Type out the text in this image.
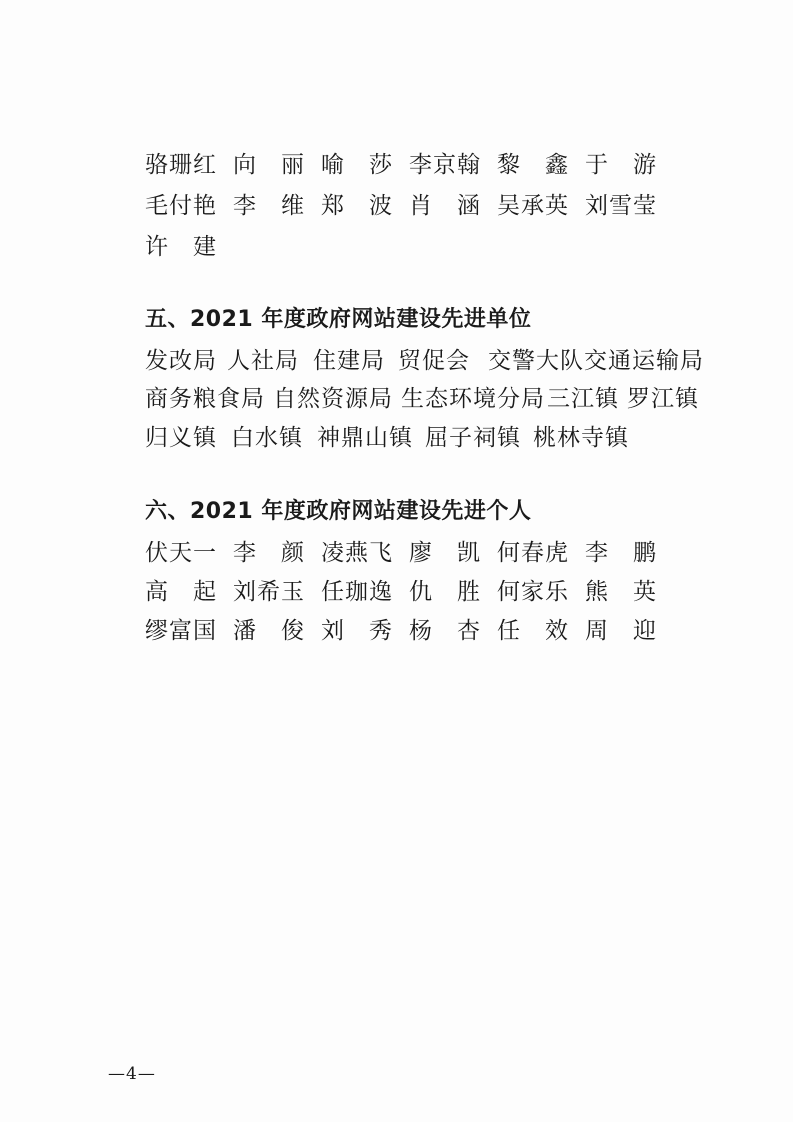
骆珊红 向　丽 喻　莎 李京翰 黎　鑫 于　游
毛付艳 李　维 郑　波 肖　涵 吴承英 刘雪莹
许　建
五、2021 年度政府网站建设先进单位
发改局 人社局 住建局 贸促会 交警大队 交通运输局
商务粮食局 自然资源局 生态环境分局 三江镇 罗江镇
归义镇 白水镇 神鼎山镇 屈子祠镇 桃林寺镇
六、2021 年度政府网站建设先进个人
伏天一 李　颜 凌燕飞 廖　凯 何春虎 李　鹏
高　起 刘希玉 任珈逸 仇　胜 何家乐 熊　英
缪富国 潘　俊 刘　秀 杨　杏 任　效 周　迎
—4—
